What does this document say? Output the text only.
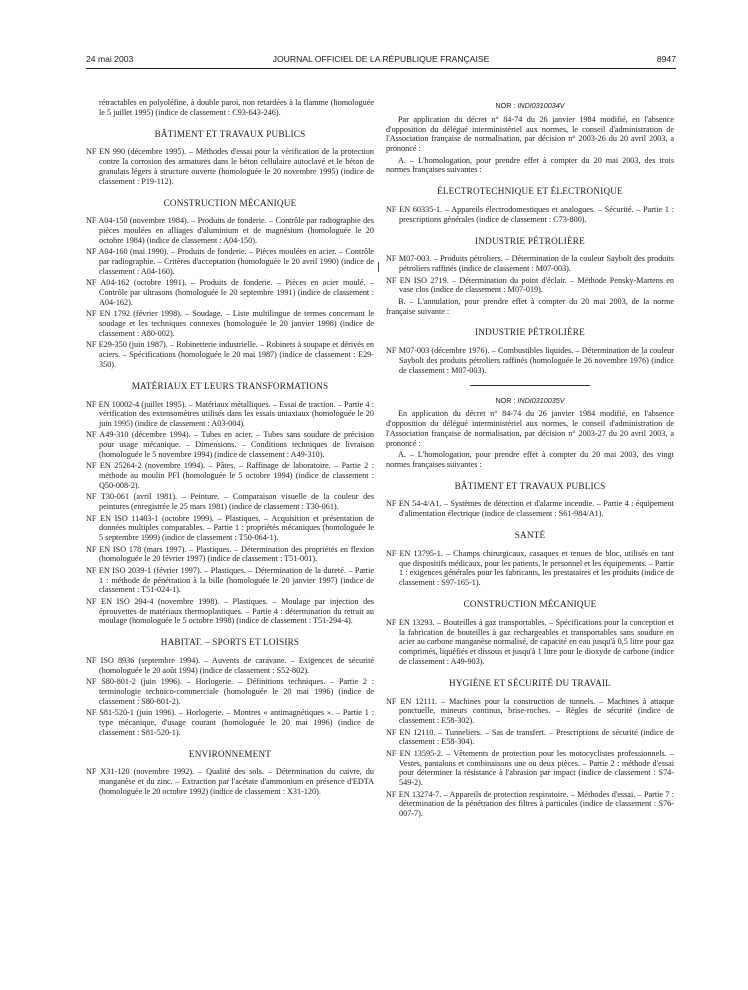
24 mai 2003	JOURNAL OFFICIEL DE LA RÉPUBLIQUE FRANÇAISE	8947

rétractables en polyoléfine, à double paroi, non retardées à la flamme (homologuée le 5 juillet 1995) (indice de classement : C93-643-246).

BÂTIMENT ET TRAVAUX PUBLICS

NF EN 990 (décembre 1995). – Méthodes d'essai pour la vérification de la protection contre la corrosion des armatures dans le béton cellulaire autoclavé et le béton de granulats légers à structure ouverte (homologuée le 20 novembre 1995) (indice de classement : P19-112).

CONSTRUCTION MÉCANIQUE

NF A04-150 (novembre 1984). – Produits de fonderie. – Contrôle par radiographie des pièces moulées en alliages d'aluminium et de magnésium (homologuée le 20 octobre 1984) (indice de classement : A04-150).

NF A04-160 (mai 1990). – Produits de fonderie. – Pièces moulées en acier. – Contrôle par radiographie. – Critères d'acceptation (homologuée le 20 avril 1990) (indice de classement : A04-160).

NF A04-162 (octobre 1991). – Produits de fonderie. – Pièces en acier moulé. – Contrôle par ultrasons (homologuée le 20 septembre 1991) (indice de classement : A04-162).

NF EN 1792 (février 1998). – Soudage. – Liste multilingue de termes concernant le soudage et les techniques connexes (homologuée le 20 janvier 1998) (indice de classement : A80-002).

NF E29-350 (juin 1987). – Robinetterie industrielle. – Robinets à soupape et dérivés en aciers. – Spécifications (homologuée le 20 mai 1987) (indice de classement : E29-350).

MATÉRIAUX ET LEURS TRANSFORMATIONS

NF EN 10002-4 (juillet 1995). – Matériaux métalliques. – Essai de traction. – Partie 4 : vérification des extensomètres utilisés dans les essais uniaxiaux (homologuée le 20 juin 1995) (indice de classement : A03-004).

NF A49-310 (décembre 1994). – Tubes en acier. – Tubes sans soudure de précision pour usage mécanique. – Dimensions. – Conditions techniques de livraison (homologuée le 5 novembre 1994) (indice de classement : A49-310).

NF EN 25264-2 (novembre 1994). – Pâtes. – Raffinage de laboratoire. – Partie 2 : méthode au moulin PFI (homologuée le 5 octobre 1994) (indice de classement : Q50-008-2).

NF T30-061 (avril 1981). – Peinture. – Comparaison visuelle de la couleur des peintures (enregistrée le 25 mars 1981) (indice de classement : T30-061).

NF EN ISO 11403-1 (octobre 1999). – Plastiques. – Acquisition et présentation de données multiples comparables. – Partie 1 : propriétés mécaniques (homologuée le 5 septembre 1999) (indice de classement : T50-064-1).

NF EN ISO 178 (mars 1997). – Plastiques. – Détermination des propriétés en flexion (homologuée le 20 février 1997) (indice de classement : T51-001).

NF EN ISO 2039-1 (février 1997). – Plastiques. – Détermination de la dureté. – Partie 1 : méthode de pénétration à la bille (homologuée le 20 janvier 1997) (indice de classement : T51-024-1).

NF EN ISO 294-4 (novembre 1998). – Plastiques. – Moulage par injection des éprouvettes de matériaux thermoplastiques. – Partie 4 : détermination du retrait au moulage (homologuée le 5 octobre 1998) (indice de classement : T51-294-4).

HABITAT. – SPORTS ET LOISIRS

NF ISO 8936 (septembre 1994). – Auvents de caravane. – Exigences de sécurité (homologuée le 20 août 1994) (indice de classement : S52-802).

NF S80-801-2 (juin 1996). – Horlogerie. – Définitions techniques. – Partie 2 : terminologie technico-commerciale (homologuée le 20 mai 1996) (indice de classement : S80-801-2).

NF S81-520-1 (juin 1996). – Horlogerie. – Montres « antimagnétiques ». – Partie 1 : type mécanique, d'usage courant (homologuée le 20 mai 1996) (indice de classement : S81-520-1).

ENVIRONNEMENT

NF X31-120 (novembre 1992). – Qualité des sols. – Détermination du cuivre, du manganèse et du zinc. – Extraction par l'acétate d'ammonium en présence d'EDTA (homologuée le 20 octobre 1992) (indice de classement : X31-120).

NOR : INDI0310034V

Par application du décret n° 84-74 du 26 janvier 1984 modifié, en l'absence d'opposition du délégué interministériel aux normes, le conseil d'administration de l'Association française de normalisation, par décision n° 2003-26 du 20 avril 2003, a prononcé :

A. – L'homologation, pour prendre effet à compter du 20 mai 2003, des trois normes françaises suivantes :

ÉLECTROTECHNIQUE ET ÉLECTRONIQUE

NF EN 60335-1. – Appareils électrodomestiques et analogues. – Sécurité. – Partie 1 : prescriptions générales (indice de classement : C73-800).

INDUSTRIE PÉTROLIÈRE

NF M07-003. – Produits pétroliers. – Détermination de la couleur Saybolt des produits pétroliers raffinés (indice de classement : M07-003).

NF EN ISO 2719. – Détermination du point d'éclair. – Méthode Pensky-Martens en vase clos (indice de classement : M07-019).

B. – L'annulation, pour prendre effet à compter du 20 mai 2003, de la norme française suivante :

INDUSTRIE PÉTROLIÈRE

NF M07-003 (décembre 1976). – Combustibles liquides. – Détermination de la couleur Saybolt des produits pétroliers raffinés (homologuée le 26 novembre 1976) (indice de classement : M07-003).

NOR : INDI0310035V

En application du décret n° 84-74 du 26 janvier 1984 modifié, en l'absence d'opposition du délégué interministériel aux normes, le conseil d'administration de l'Association française de normalisation, par décision n° 2003-27 du 20 avril 2003, a prononcé :

A. – L'homologation, pour prendre effet à compter du 20 mai 2003, des vingt normes françaises suivantes :

BÂTIMENT ET TRAVAUX PUBLICS

NF EN 54-4/A1. – Systèmes de détection et d'alarme incendie. – Partie 4 : équipement d'alimentation électrique (indice de classement : S61-984/A1).

SANTÉ

NF EN 13795-1. – Champs chirurgicaux, casaques et tenues de bloc, utilisés en tant que dispositifs médicaux, pour les patients, le personnel et les équipements. – Partie 1 : exigences générales pour les fabricants, les prestataires et les produits (indice de classement : S97-165-1).

CONSTRUCTION MÉCANIQUE

NF EN 13293. – Bouteilles à gaz transportables. – Spécifications pour la conception et la fabrication de bouteilles à gaz rechargeables et transportables sans soudure en acier au carbone manganèse normalisé, de capacité en eau jusqu'à 0,5 litre pour gaz comprimés, liquéfiés et dissous et jusqu'à 1 litre pour le dioxyde de carbone (indice de classement : A49-903).

HYGIÈNE ET SÉCURITÉ DU TRAVAIL

NF EN 12111. – Machines pour la construction de tunnels. – Machines à attaque ponctuelle, mineurs continus, brise-roches. – Règles de sécurité (indice de classement : E58-302).

NF EN 12110. – Tunneliers. – Sas de transfert. – Prescriptions de sécurité (indice de classement : E58-304).

NF EN 13595-2. – Vêtements de protection pour les motocyclistes professionnels. – Vestes, pantalons et combinaisons une ou deux pièces. – Partie 2 : méthode d'essai pour déterminer la résistance à l'abrasion par impact (indice de classement : S74-549-2).

NF EN 13274-7. – Appareils de protection respiratoire. – Méthodes d'essai. – Partie 7 : détermination de la pénétration des filtres à particules (indice de classement : S76-007-7).
